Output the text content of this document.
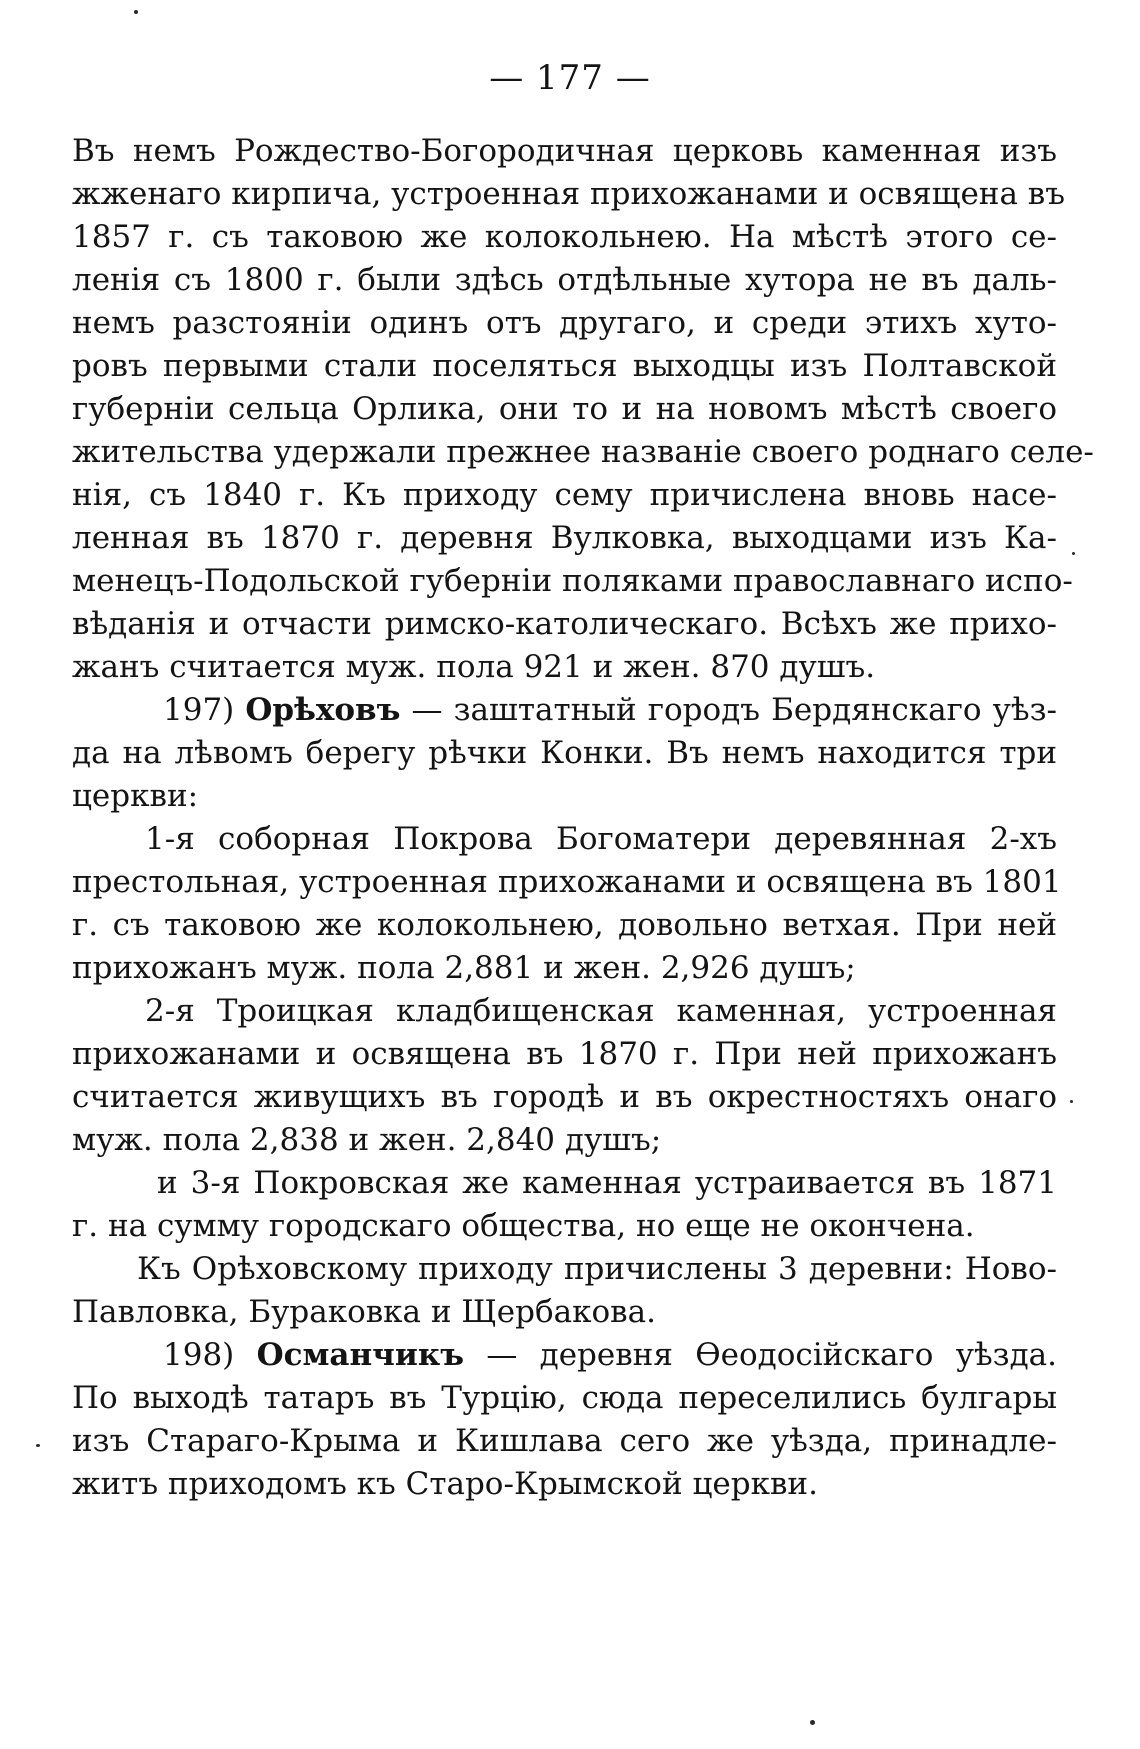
— 177 —

Въ немъ Рождество-Богородичная церковь каменная изъ

жженаго кирпича, устроенная прихожанами и освящена въ

1857 г. съ таковою же колокольнею. На мѣстѣ этого се-

ленія съ 1800 г. были здѣсь отдѣльные хутора не въ даль-

немъ разстояніи одинъ отъ другаго, и среди этихъ хуто-

ровъ первыми стали поселяться выходцы изъ Полтавской

губерніи сельца Орлика, они то и на новомъ мѣстѣ своего

жительства удержали прежнее названіе своего роднаго селе-

нія, съ 1840 г. Къ приходу сему причислена вновь насе-

ленная въ 1870 г. деревня Вулковка, выходцами изъ Ка-

менецъ-Подольской губерніи поляками православнаго испо-

вѣданія и отчасти римско-католическаго. Всѣхъ же прихо-

жанъ считается муж. пола 921 и жен. 870 душъ.

197) Орѣховъ — заштатный городъ Бердянскаго уѣз-

да на лѣвомъ берегу рѣчки Конки. Въ немъ находится три

церкви:

1-я соборная Покрова Богоматери деревянная 2-хъ

престольная, устроенная прихожанами и освящена въ 1801

г. съ таковою же колокольнею, довольно ветхая. При ней

прихожанъ муж. пола 2,881 и жен. 2,926 душъ;

2-я Троицкая кладбищенская каменная, устроенная

прихожанами и освящена въ 1870 г. При ней прихожанъ

считается живущихъ въ городѣ и въ окрестностяхъ онаго

муж. пола 2,838 и жен. 2,840 душъ;

и 3-я Покровская же каменная устраивается въ 1871

г. на сумму городскаго общества, но еще не окончена.

Къ Орѣховскому приходу причислены 3 деревни: Ново-

Павловка, Бураковка и Щербакова.

198) Османчикъ — деревня Ѳеодосійскаго уѣзда.

По выходѣ татаръ въ Турцію, сюда переселились булгары

изъ Стараго-Крыма и Кишлава сего же уѣзда, принадле-

житъ приходомъ къ Старо-Крымской церкви.
